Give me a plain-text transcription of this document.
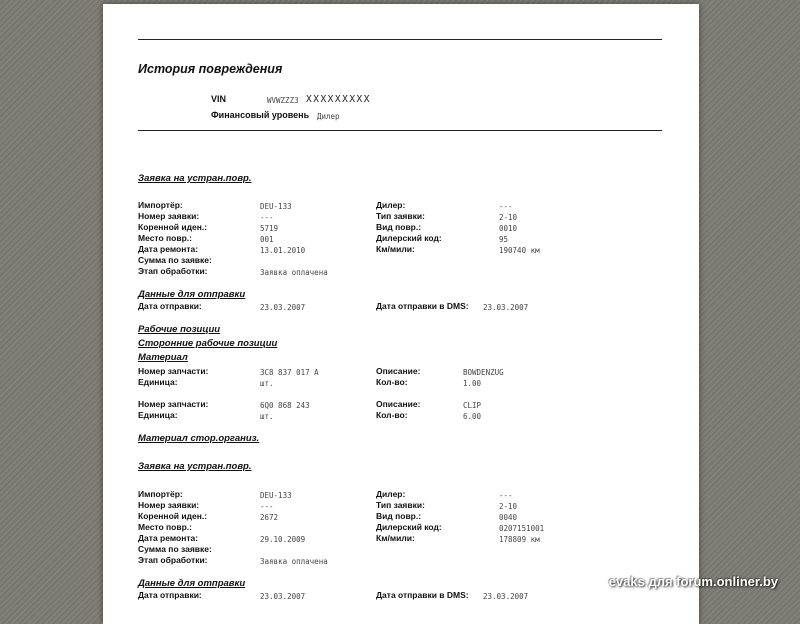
История повреждения
VIN	WVWZZZ3 XXXXXXXXX
Финансовый уровень Дилер
Заявка на устран.повр.
Импортёр:	DEU-133
Номер заявки:	---
Коренной иден.:	5719
Место повр.:	001
Дата ремонта:	13.01.2010
Сумма по заявке:
Этап обработки:	Заявка оплачена
Дилер:	---
Тип заявки:	2-10
Вид повр.:	0010
Дилерский код:	95
Км/мили:	190740 км
Данные для отправки
Дата отправки:	23.03.2007	Дата отправки в DMS: 23.03.2007
Рабочие позиции
Сторонние рабочие позиции
Материал
Номер запчасти:	3C8 837 017 A
Единица:	шт.
Описание:	BOWDENZUG
Кол-во:	1.00
Номер запчасти:	6Q0 868 243
Единица:	шт.
Описание:	CLIP
Кол-во:	6.00
Материал стор.организ.
Заявка на устран.повр.
Импортёр:	DEU-133
Номер заявки:	---
Коренной иден.:	2672
Место повр.:
Дата ремонта:	29.10.2009
Сумма по заявке:
Этап обработки:	Заявка оплачена
Дилер:	---
Тип заявки:	2-10
Вид повр.:	0040
Дилерский код:	0207151001
Км/мили:	178809 км
Данные для отправки
Дата отправки:	23.03.2007	Дата отправки в DMS: 23.03.2007
evaks для forum.onliner.by
